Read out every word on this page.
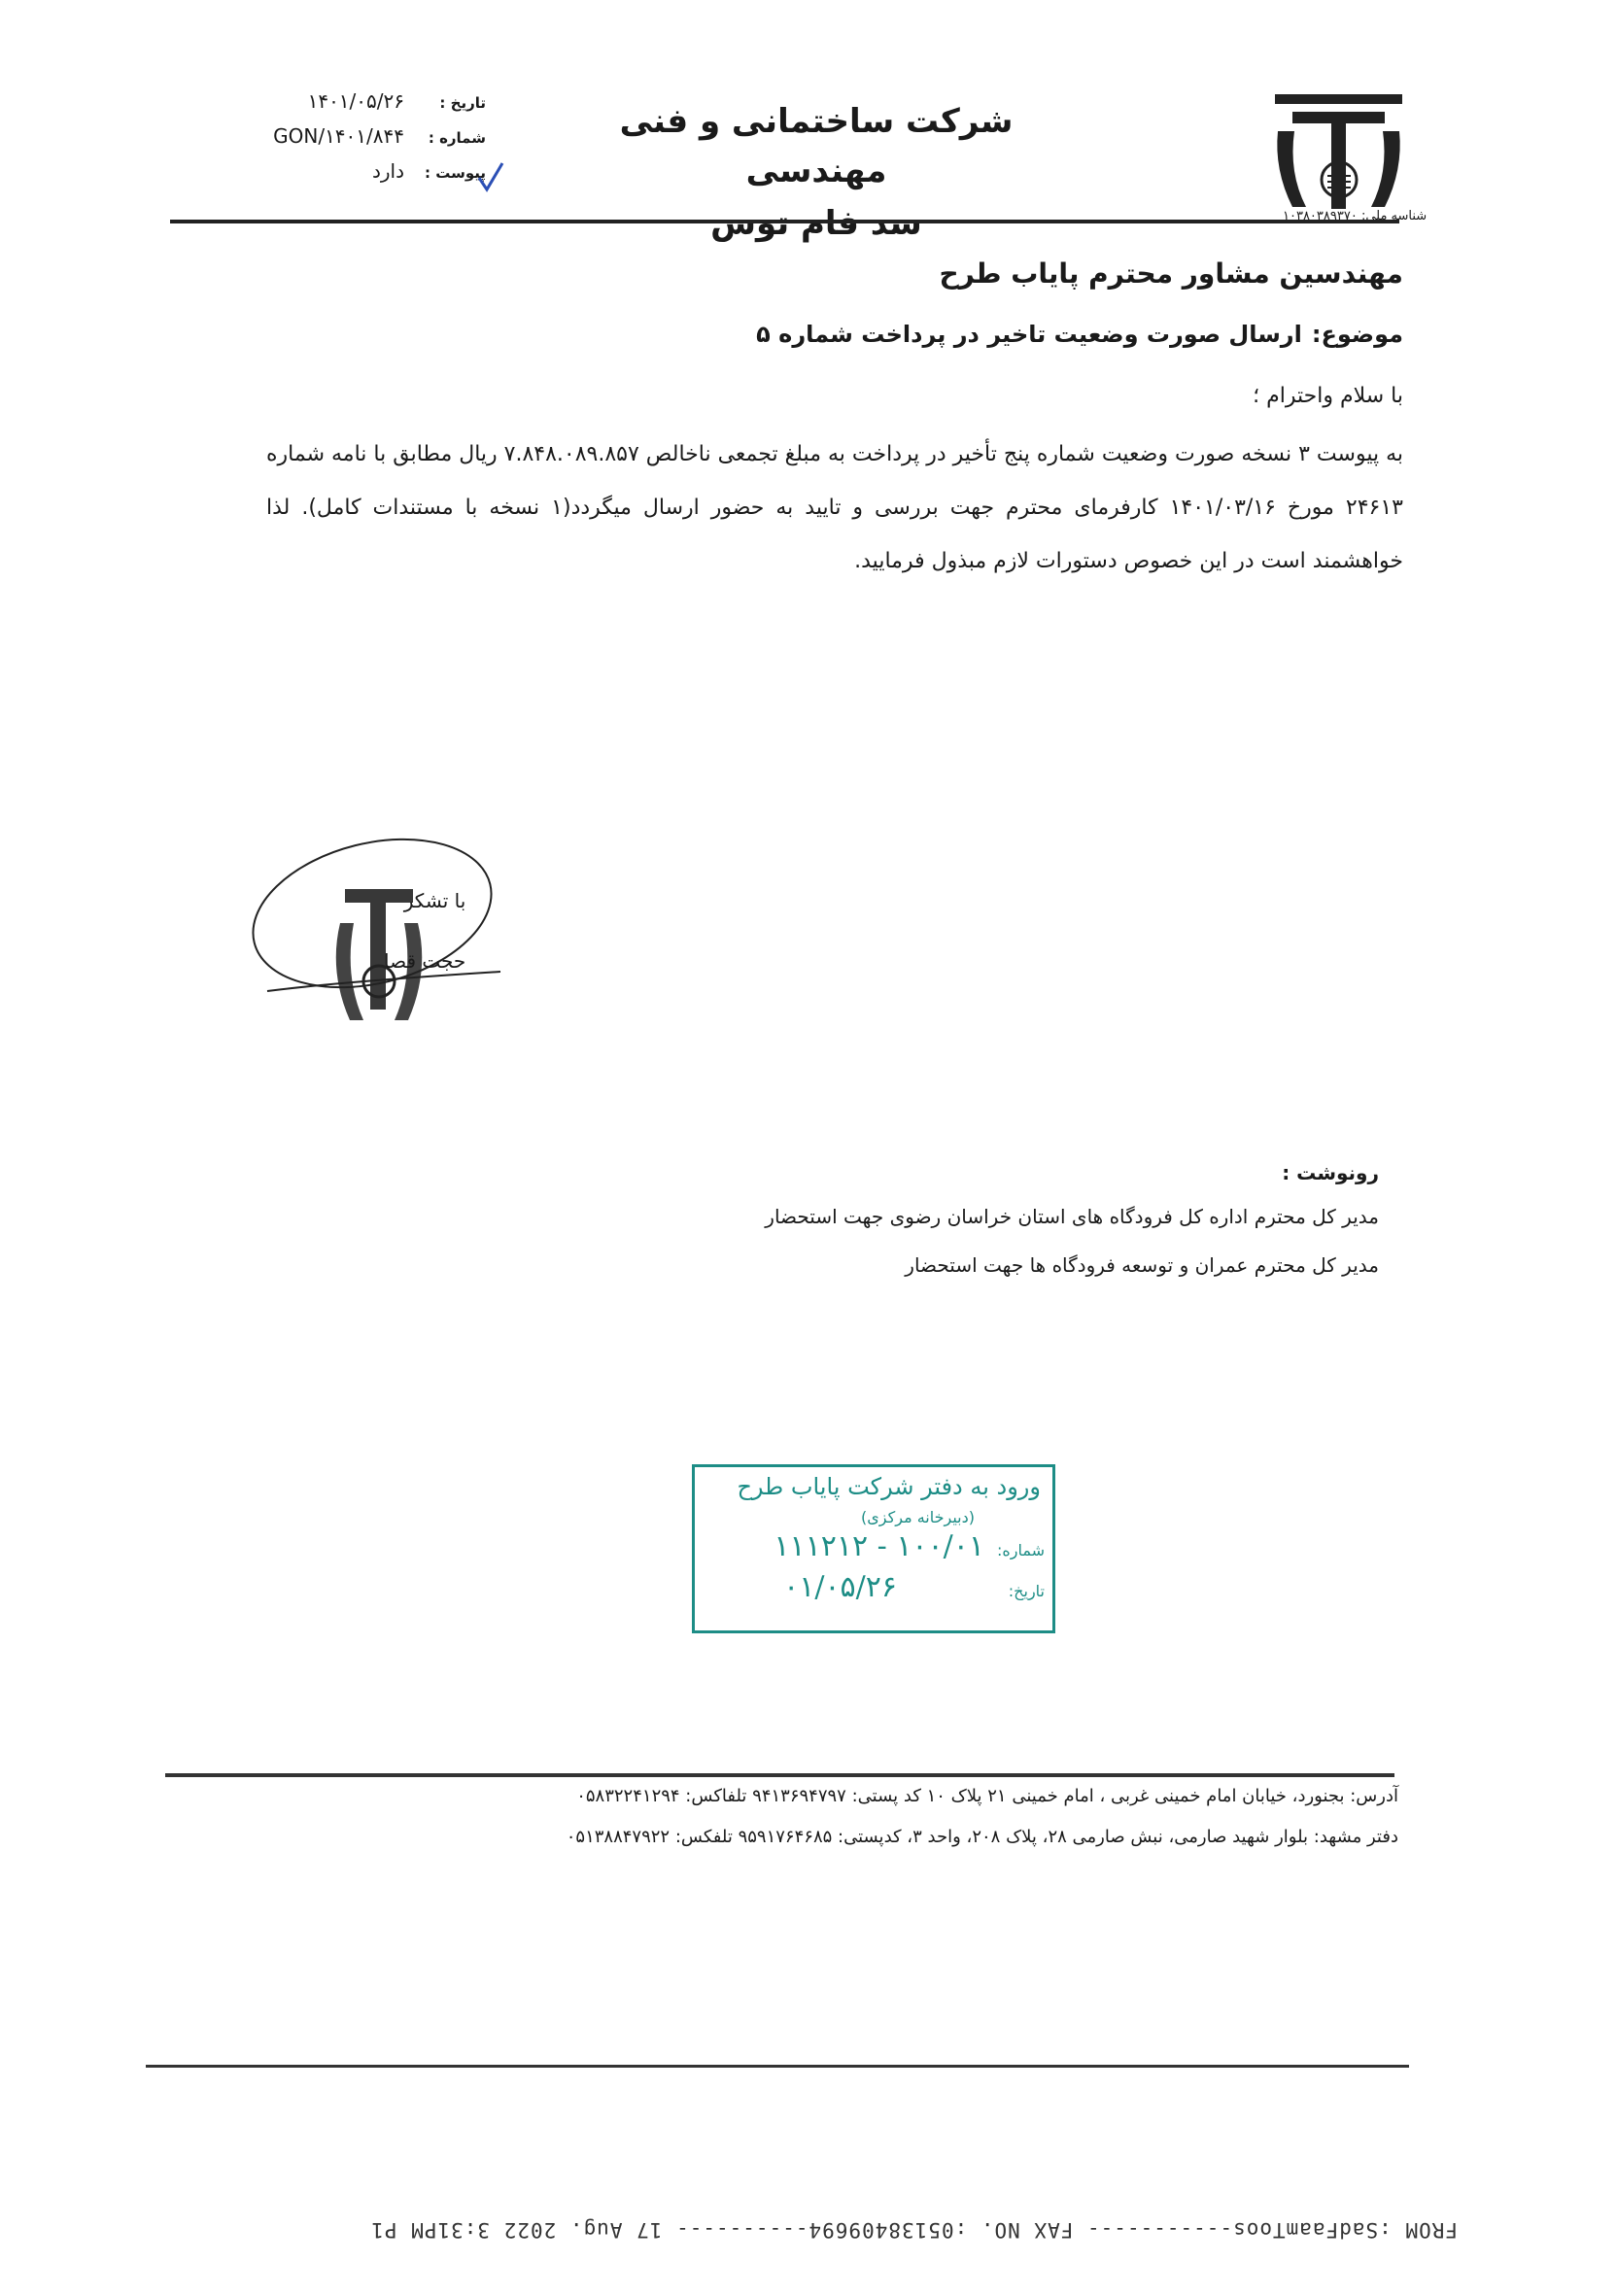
شناسه ملی: ۱۰۳۸۰۳۸۹۳۷۰
شرکت ساختمانی و فنی مهندسی
سد فام توس
تاریخ :
۱۴۰۱/۰۵/۲۶
شماره :
GON/۱۴۰۱/۸۴۴
پیوست :
دارد
مهندسین مشاور محترم پایاب طرح
موضوع:
ارسال صورت وضعیت تاخیر در پرداخت شماره ۵
با سلام واحترام ؛
به پیوست ۳ نسخه صورت وضعیت شماره پنج تأخیر در پرداخت به مبلغ تجمعی ناخالص ۷.۸۴۸.۰۸۹.۸۵۷ ریال مطابق با نامه شماره ۲۴۶۱۳ مورخ ۱۴۰۱/۰۳/۱۶ کارفرمای محترم جهت بررسی و تایید به حضور ارسال میگردد(۱ نسخه با مستندات کامل). لذا خواهشمند است در این خصوص دستورات لازم مبذول فرمایید.
با تشکر
حجت قصا
رونوشت :
مدیر کل محترم اداره کل فرودگاه های استان خراسان رضوی جهت استحضار
مدیر کل محترم عمران و توسعه فرودگاه ها جهت استحضار
ورود به دفتر شرکت پایاب طرح
(دبیرخانه مرکزی)
شماره:
۱۰۰/۰۱ - ۱۱۱۲۱۲
تاریخ:
۰۱/۰۵/۲۶
آدرس: بجنورد، خیابان امام خمینی غربی ، امام خمینی ۲۱ پلاک ۱۰ کد پستی: ۹۴۱۳۶۹۴۷۹۷ تلفاکس: ۰۵۸۳۲۲۴۱۲۹۴
دفتر مشهد: بلوار شهید صارمی، نبش صارمی ۲۸، پلاک ۲۰۸، واحد ۳، کدپستی: ۹۵۹۱۷۶۴۶۸۵ تلفکس: ۰۵۱۳۸۸۴۷۹۲۲
FROM :SadFaamToos----------- FAX NO. :05138409694---------- 17 Aug. 2022 3:31PM P1
